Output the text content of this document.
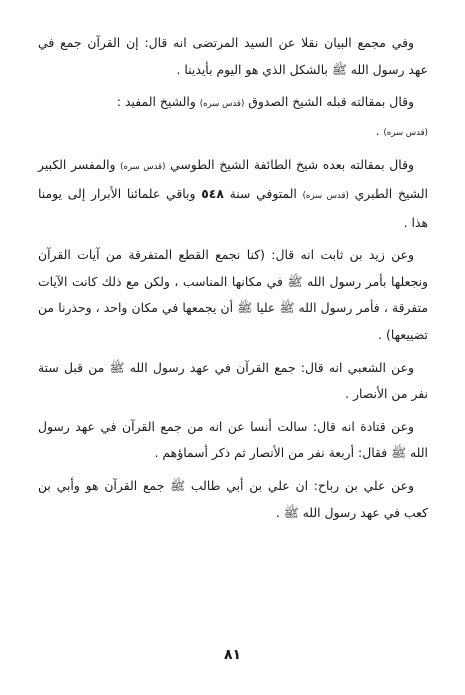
وفي مجمع البيان نقلا عن السيد المرتضى انه قال: إن القرآن جمع في عهد رسول الله ﷺ بالشكل الذي هو اليوم بأيدينا .

وقال بمقالته قبله الشيخ الصدوق (قدس سره) والشيخ المفيد :
(قدس سره) .

وقال بمقالته بعده شيخ الطائفة الشيخ الطوسي (قدس سره) والمفسر الكبير الشيخ الطبري (قدس سره) المتوفي سنة ٥٤٨ وباقي علمائنا الأبرار إلى يومنا هذا .

وعن زيد بن ثابت انه قال: (كنا نجمع القطع المتفرقة من آيات القرآن ونجعلها بأمر رسول الله ﷺ في مكانها المناسب ، ولكن مع ذلك كانت الآيات متفرقة ، فأمر رسول الله ﷺ عليا ﷺ أن يجمعها في مكان واحد ، وحذرنا من تضييعها) .

وعن الشعبي انه قال: جمع القرآن في عهد رسول الله ﷺ من قبل ستة نفر من الأنصار .

وعن قتادة انه قال: سالت أنسا عن انه من جمع القرآن في عهد رسول الله ﷺ فقال: أربعة نفر من الأنصار ثم ذكر أسماؤهم .

وعن علي بن رباح: ان علي بن أبي طالب ﷺ جمع القرآن هو وأبي بن كعب في عهد رسول الله ﷺ .

٨١
